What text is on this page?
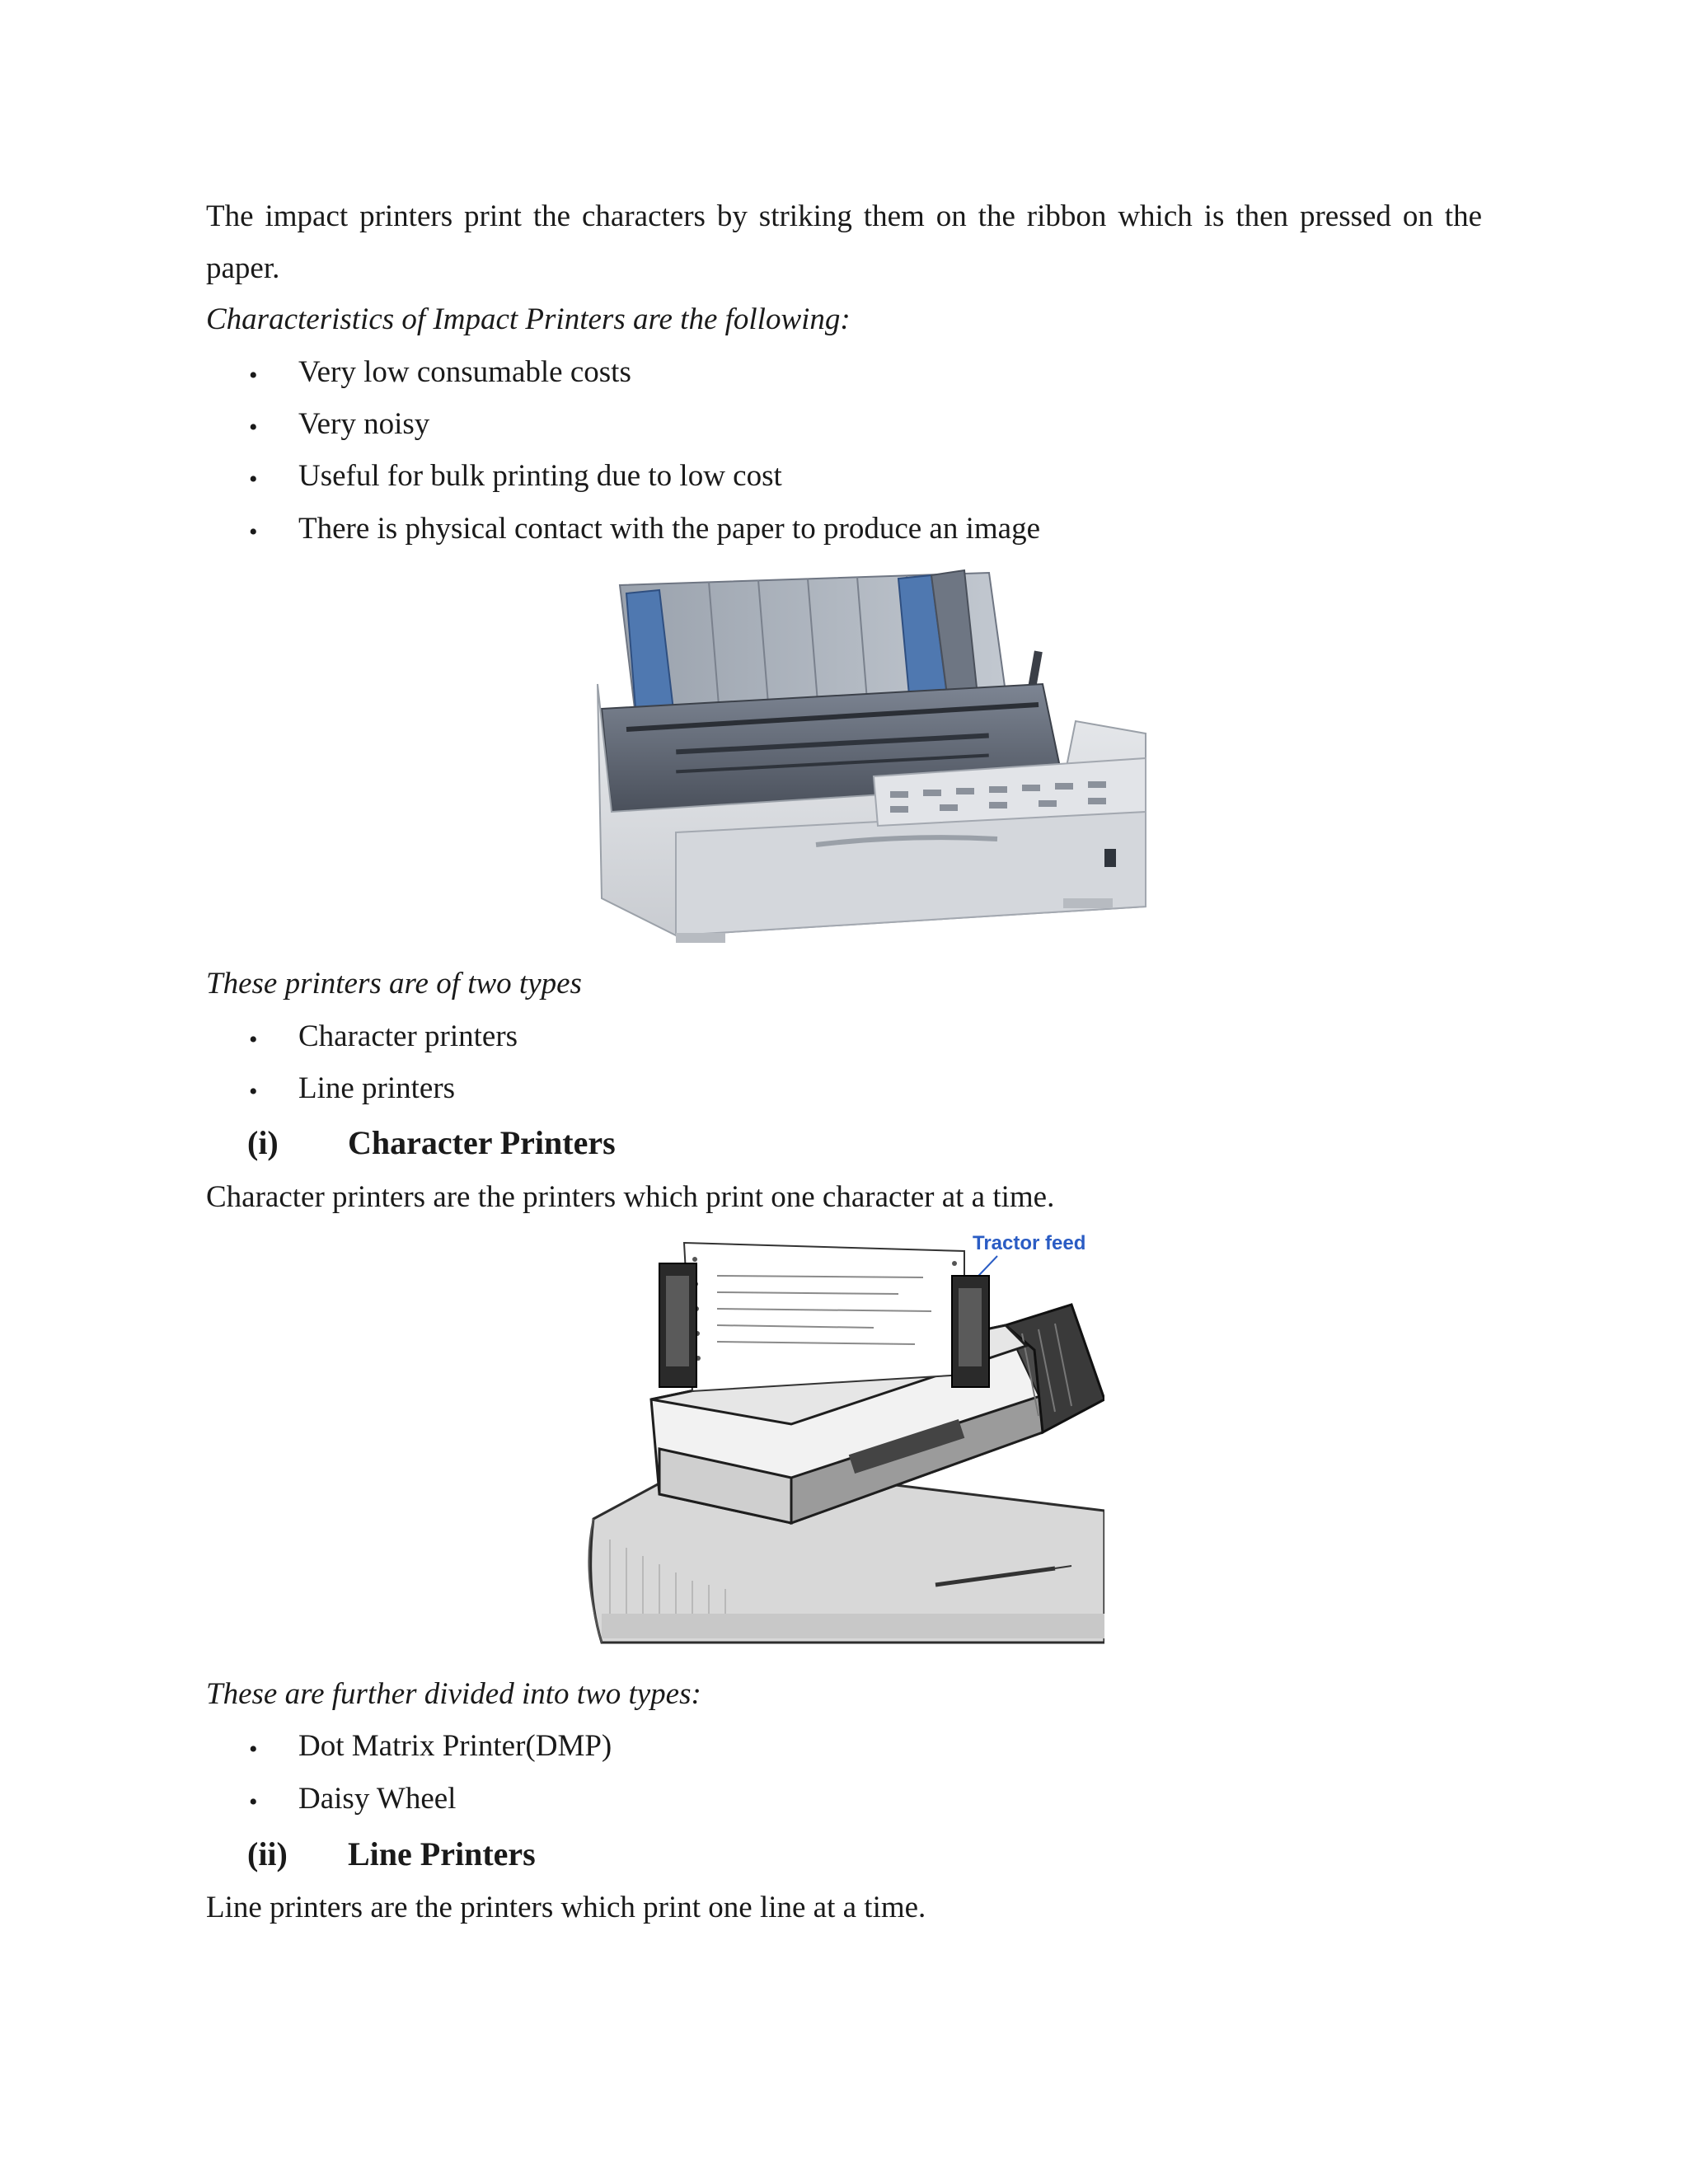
The impact printers print the characters by striking them on the ribbon which is then pressed on the paper.
Characteristics of Impact Printers are the following:
• Very low consumable costs
• Very noisy
• Useful for bulk printing due to low cost
• There is physical contact with the paper to produce an image
These printers are of two types
• Character printers
• Line printers
(i) Character Printers
Character printers are the printers which print one character at a time.
Tractor feed
These are further divided into two types:
• Dot Matrix Printer(DMP)
• Daisy Wheel
(ii) Line Printers
Line printers are the printers which print one line at a time.
